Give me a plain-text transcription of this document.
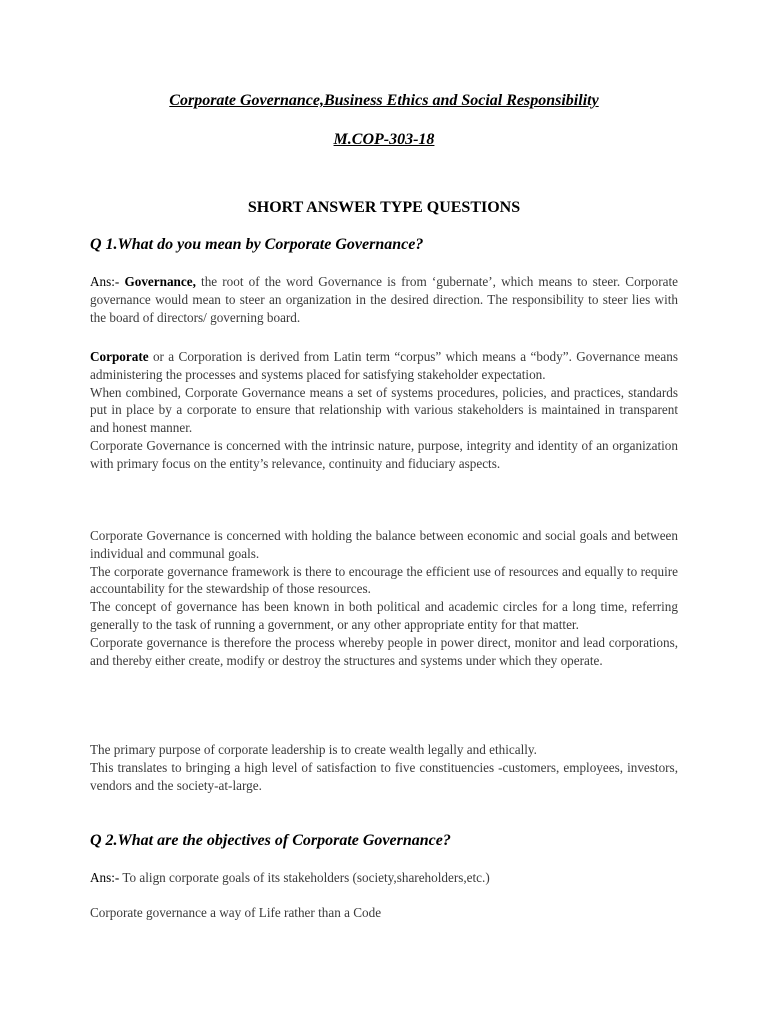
Corporate Governance,Business Ethics and Social Responsibility

M.COP-303-18

SHORT ANSWER TYPE QUESTIONS

Q 1.What do you mean by Corporate Governance?

Ans:- Governance, the root of the word Governance is from ‘gubernate’, which means to steer. Corporate governance would mean to steer an organization in the desired direction. The responsibility to steer lies with the board of directors/ governing board.

Corporate or a Corporation is derived from Latin term “corpus” which means a “body”. Governance means administering the processes and systems placed for satisfying stakeholder expectation.
When combined, Corporate Governance means a set of systems procedures, policies, and practices, standards put in place by a corporate to ensure that relationship with various stakeholders is maintained in transparent and honest manner.
Corporate Governance is concerned with the intrinsic nature, purpose, integrity and identity of an organization with primary focus on the entity’s relevance, continuity and fiduciary aspects.

Corporate Governance is concerned with holding the balance between economic and social goals and between individual and communal goals.
The corporate governance framework is there to encourage the efficient use of resources and equally to require accountability for the stewardship of those resources.
The concept of governance has been known in both political and academic circles for a long time, referring generally to the task of running a government, or any other appropriate entity for that matter.
Corporate governance is therefore the process whereby people in power direct, monitor and lead corporations, and thereby either create, modify or destroy the structures and systems under which they operate.

The primary purpose of corporate leadership is to create wealth legally and ethically.
This translates to bringing a high level of satisfaction to five constituencies -customers, employees, investors, vendors and the society-at-large.

Q 2.What are the objectives of Corporate Governance?

Ans:- To align corporate goals of its stakeholders (society,shareholders,etc.)

Corporate governance a way of Life rather than a Code
